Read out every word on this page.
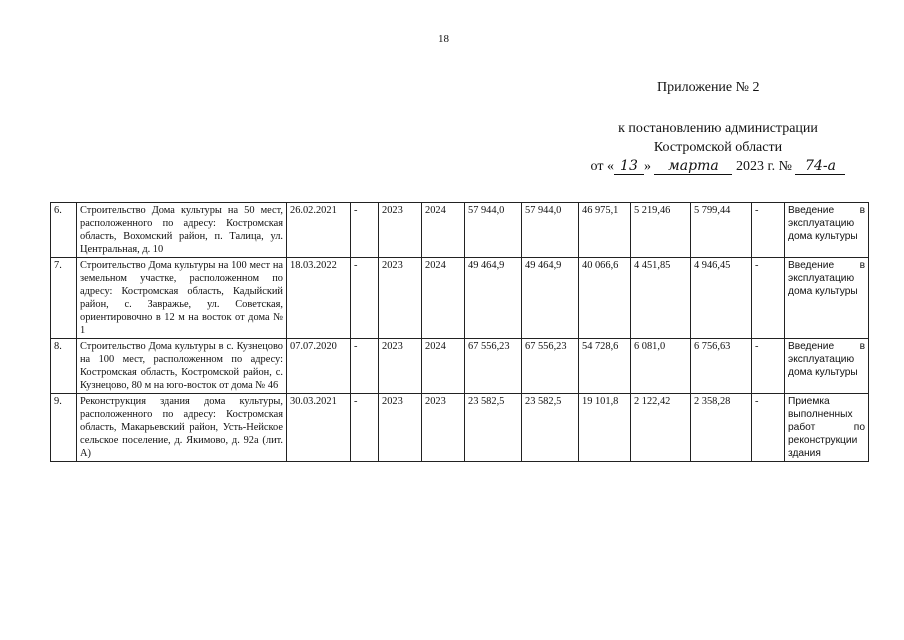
18
Приложение № 2
к постановлению администрации
Костромской области
от « 13 » марта 2023 г. № 74-а
6.	Строительство Дома культуры на 50 мест, расположенного по адресу: Костромская область, Вохомский район, п. Талица, ул. Центральная, д. 10	26.02.2021	-	2023	2024	57 944,0	57 944,0	46 975,1	5 219,46	5 799,44	-	Введение в эксплуатацию дома культуры
7.	Строительство Дома культуры на 100 мест на земельном участке, расположенном по адресу: Костромская область, Кадыйский район, с. Завражье, ул. Советская, ориентировочно в 12 м на восток от дома № 1	18.03.2022	-	2023	2024	49 464,9	49 464,9	40 066,6	4 451,85	4 946,45	-	Введение в эксплуатацию дома культуры
8.	Строительство Дома культуры в с. Кузнецово на 100 мест, расположенном по адресу: Костромская область, Костромской район, с. Кузнецово, 80 м на юго-восток от дома № 46	07.07.2020	-	2023	2024	67 556,23	67 556,23	54 728,6	6 081,0	6 756,63	-	Введение в эксплуатацию дома культуры
9.	Реконструкция здания дома культуры, расположенного по адресу: Костромская область, Макарьевский район, Усть-Нейское сельское поселение, д. Якимово, д. 92а (лит. А)	30.03.2021	-	2023	2023	23 582,5	23 582,5	19 101,8	2 122,42	2 358,28	-	Приемка выполненных работ по реконструкции здания
